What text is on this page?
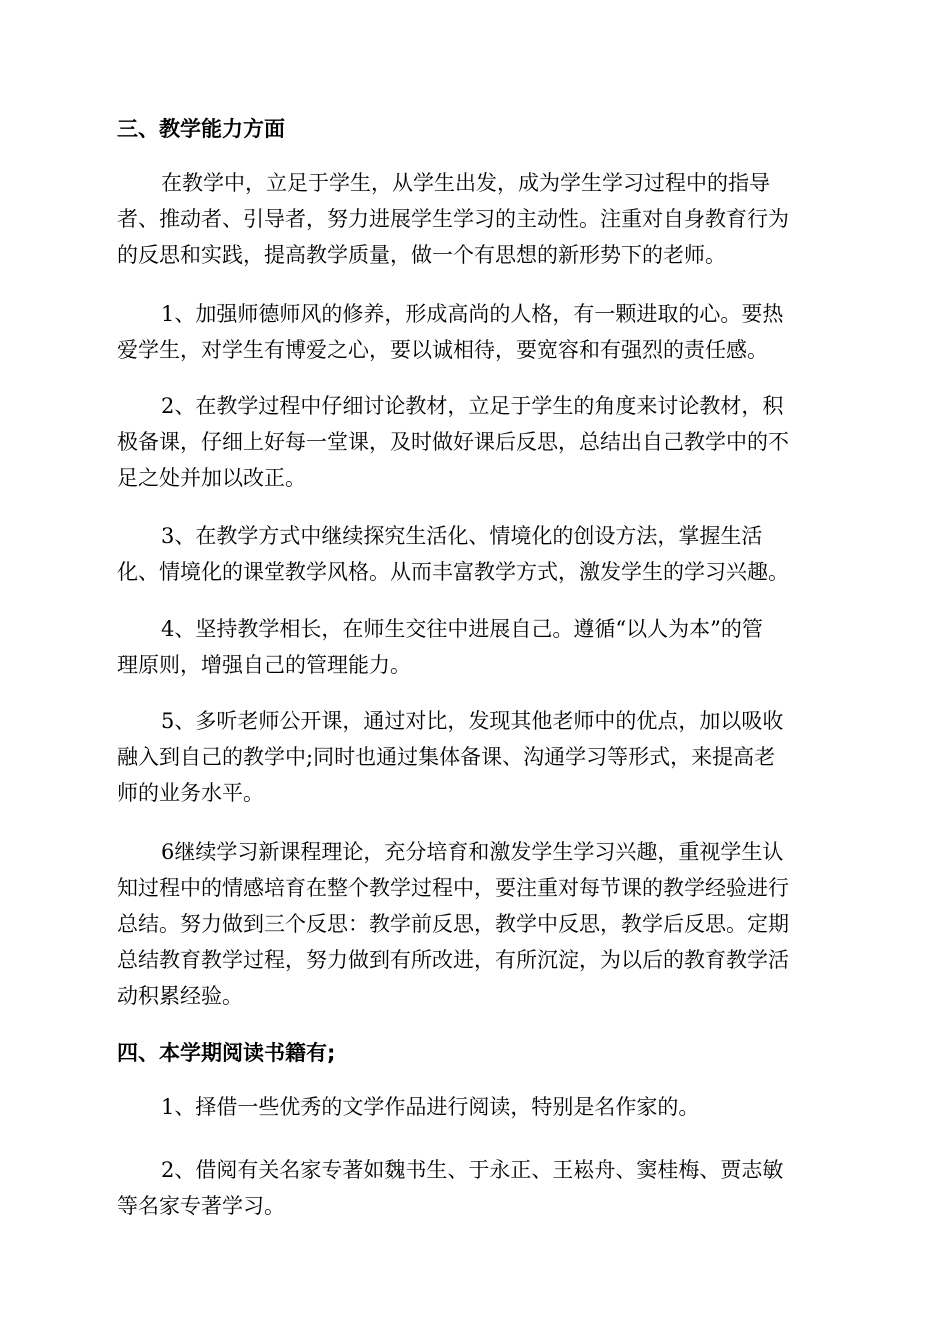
三、教学能力方面

在教学中，立足于学生，从学生出发，成为学生学习过程中的指导
者、推动者、引导者，努力进展学生学习的主动性。注重对自身教育行为
的反思和实践，提高教学质量，做一个有思想的新形势下的老师。

1、加强师德师风的修养，形成高尚的人格，有一颗进取的心。要热
爱学生，对学生有博爱之心，要以诚相待，要宽容和有强烈的责任感。

2、在教学过程中仔细讨论教材，立足于学生的角度来讨论教材，积
极备课，仔细上好每一堂课，及时做好课后反思，总结出自己教学中的不
足之处并加以改正。

3、在教学方式中继续探究生活化、情境化的创设方法，掌握生活
化、情境化的课堂教学风格。从而丰富教学方式，激发学生的学习兴趣。

4、坚持教学相长，在师生交往中进展自己。遵循“以人为本”的管
理原则，增强自己的管理能力。

5、多听老师公开课，通过对比，发现其他老师中的优点，加以吸收
融入到自己的教学中;同时也通过集体备课、沟通学习等形式，来提高老
师的业务水平。

6继续学习新课程理论，充分培育和激发学生学习兴趣，重视学生认
知过程中的情感培育在整个教学过程中，要注重对每节课的教学经验进行
总结。努力做到三个反思：教学前反思，教学中反思，教学后反思。定期
总结教育教学过程，努力做到有所改进，有所沉淀，为以后的教育教学活
动积累经验。

四、本学期阅读书籍有;

1、择借一些优秀的文学作品进行阅读，特别是名作家的。

2、借阅有关名家专著如魏书生、于永正、王崧舟、窦桂梅、贾志敏
等名家专著学习。
